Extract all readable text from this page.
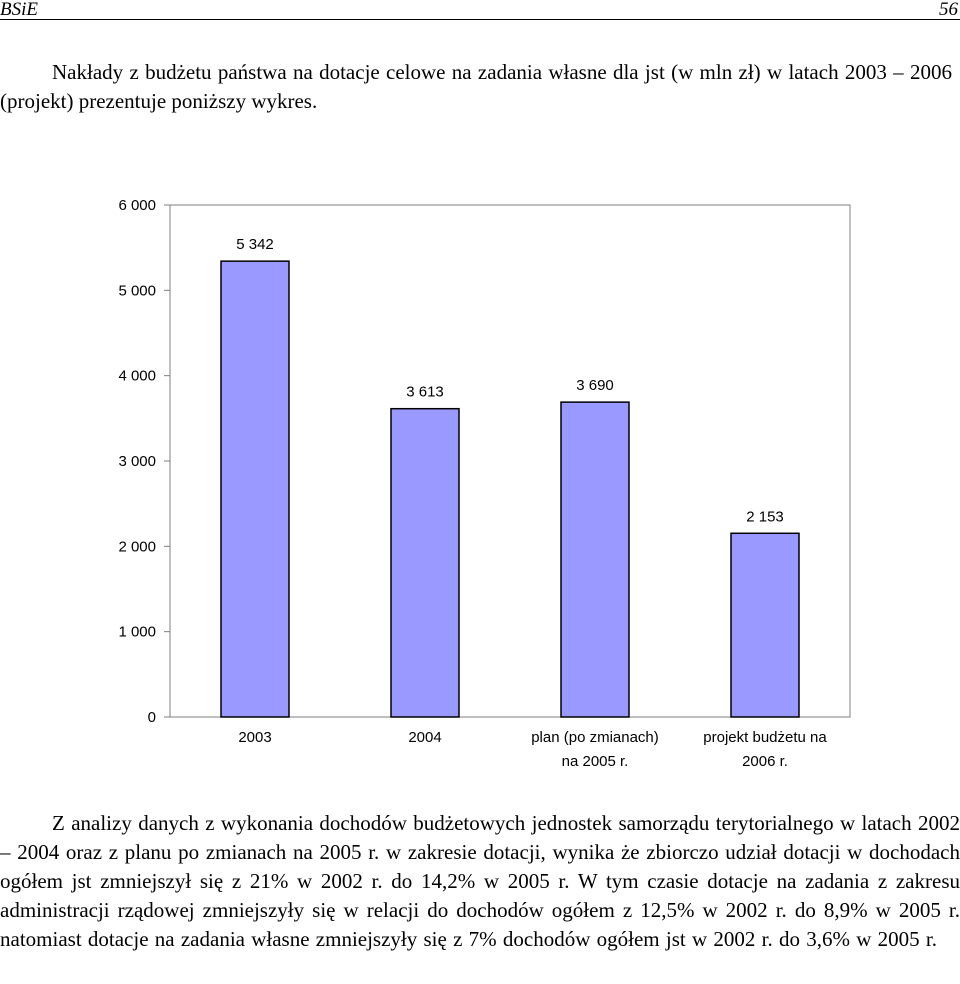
BSiE	56

Nakłady z budżetu państwa na dotacje celowe na zadania własne dla jst (w mln zł) w latach 2003 – 2006 (projekt) prezentuje poniższy wykres.

0
1 000
2 000
3 000
4 000
5 000
6 000
5 342
3 613	3 690
2 153
2003	2004	plan (po zmianach)
na 2005 r.
projekt budżetu na
2006 r.

Z analizy danych z wykonania dochodów budżetowych jednostek samorządu terytorialnego w latach 2002 – 2004 oraz z planu po zmianach na 2005 r. w zakresie dotacji, wynika że zbiorczo udział dotacji w dochodach ogółem jst zmniejszył się z 21% w 2002 r. do 14,2% w 2005 r. W tym czasie dotacje na zadania z zakresu administracji rządowej zmniejszyły się w relacji do dochodów ogółem z 12,5% w 2002 r. do 8,9% w 2005 r. natomiast dotacje na zadania własne zmniejszyły się z 7% dochodów ogółem jst w 2002 r. do 3,6% w 2005 r.
